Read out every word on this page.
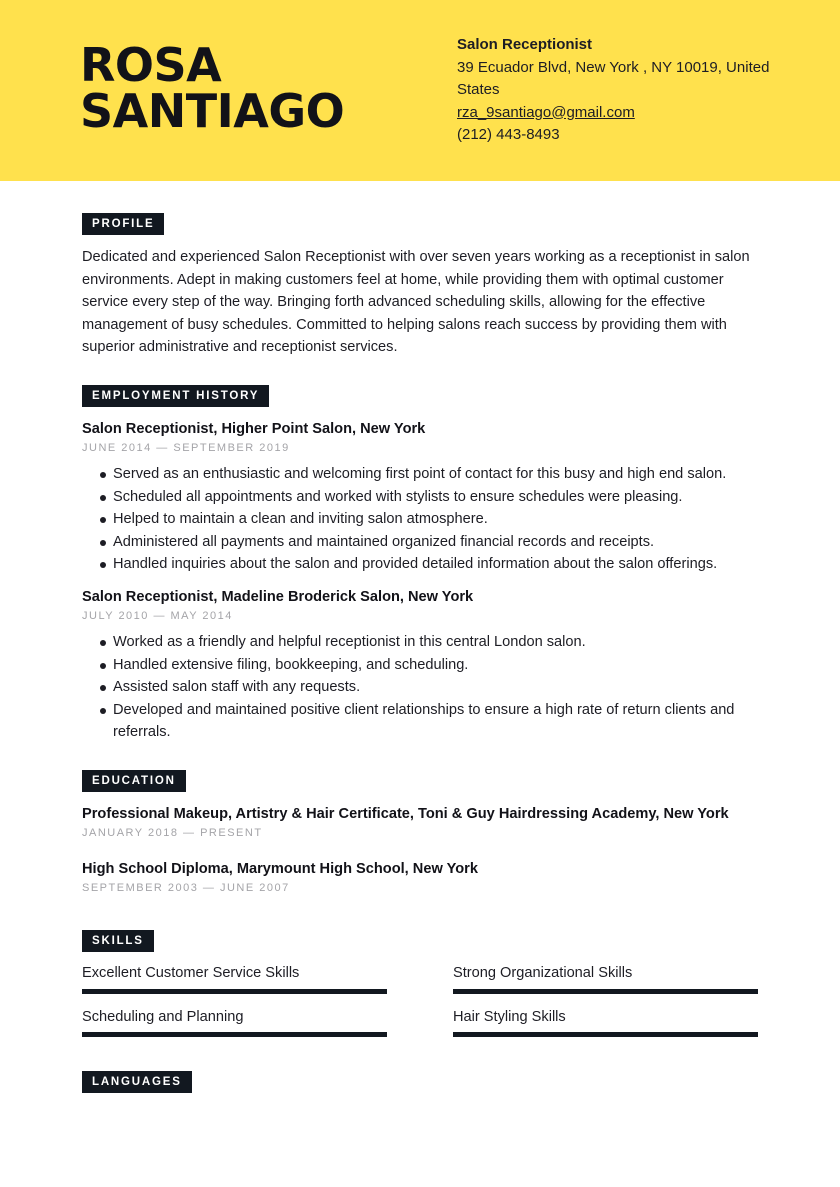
ROSA
SANTIAGO
Salon Receptionist
39 Ecuador Blvd, New York , NY 10019, United
States
rza_9santiago@gmail.com
(212) 443-8493
PROFILE
Dedicated and experienced Salon Receptionist with over seven years working as a receptionist in salon environments. Adept in making customers feel at home, while providing them with optimal customer service every step of the way. Bringing forth advanced scheduling skills, allowing for the effective management of busy schedules. Committed to helping salons reach success by providing them with superior administrative and receptionist services.
EMPLOYMENT HISTORY
Salon Receptionist, Higher Point Salon, New York
JUNE 2014 — SEPTEMBER 2019
Served as an enthusiastic and welcoming first point of contact for this busy and high end salon.
Scheduled all appointments and worked with stylists to ensure schedules were pleasing.
Helped to maintain a clean and inviting salon atmosphere.
Administered all payments and maintained organized financial records and receipts.
Handled inquiries about the salon and provided detailed information about the salon offerings.
Salon Receptionist, Madeline Broderick Salon, New York
JULY 2010 — MAY 2014
Worked as a friendly and helpful receptionist in this central London salon.
Handled extensive filing, bookkeeping, and scheduling.
Assisted salon staff with any requests.
Developed and maintained positive client relationships to ensure a high rate of return clients and referrals.
EDUCATION
Professional Makeup, Artistry & Hair Certificate, Toni & Guy Hairdressing Academy, New York
JANUARY 2018 — PRESENT
High School Diploma, Marymount High School, New York
SEPTEMBER 2003 — JUNE 2007
SKILLS
Excellent Customer Service Skills	Strong Organizational Skills
Scheduling and Planning	Hair Styling Skills
LANGUAGES
